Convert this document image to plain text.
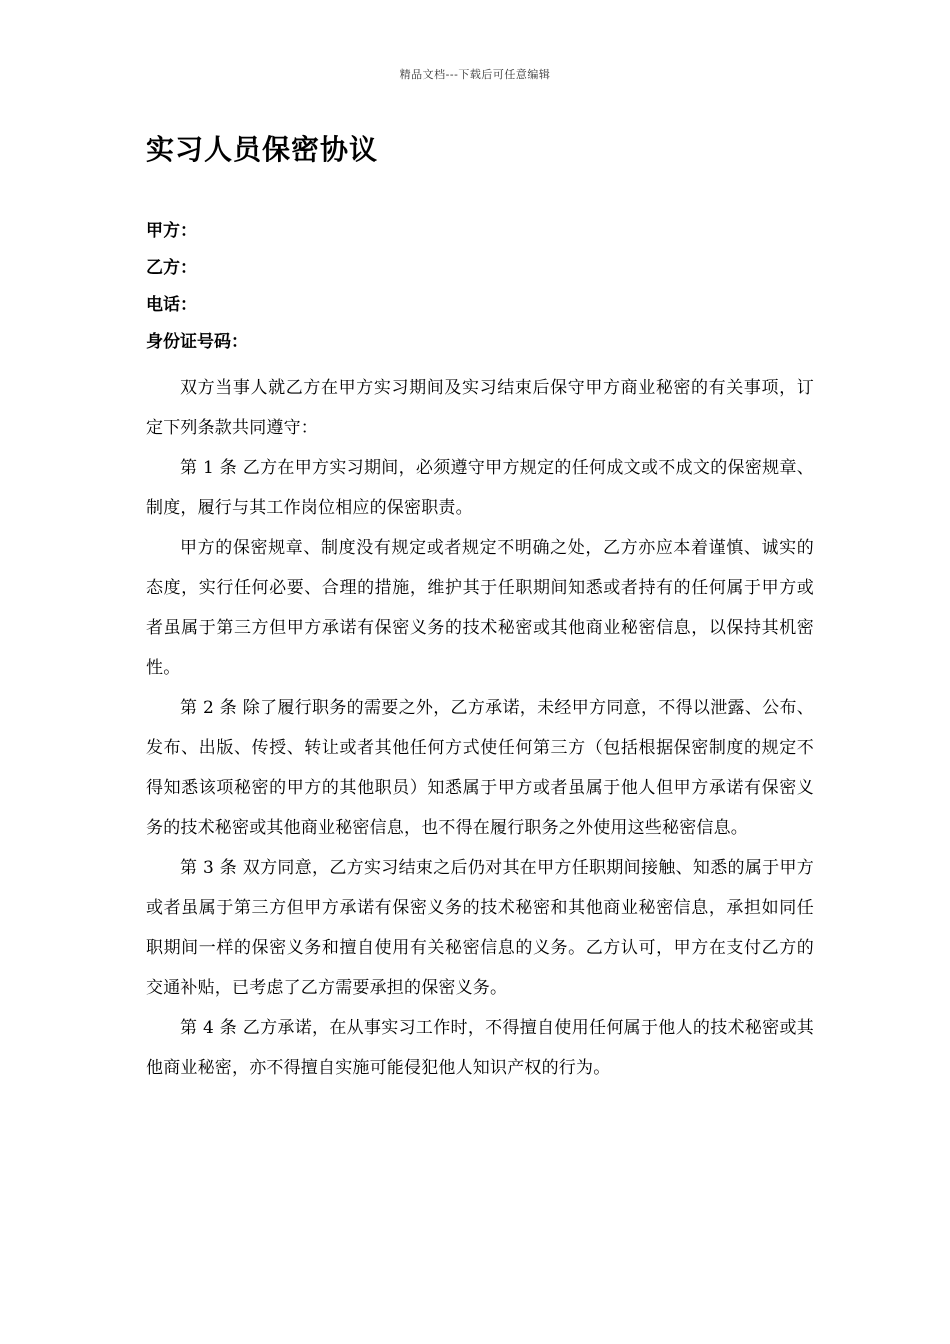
精品文档---下载后可任意编辑
实习人员保密协议

甲方：

乙方：

电话：

身份证号码：

双方当事人就乙方在甲方实习期间及实习结束后保守甲方商业秘密的有关事项，订定下列条款共同遵守：

第 1 条 乙方在甲方实习期间，必须遵守甲方规定的任何成文或不成文的保密规章、制度，履行与其工作岗位相应的保密职责。

甲方的保密规章、制度没有规定或者规定不明确之处，乙方亦应本着谨慎、诚实的态度，实行任何必要、合理的措施，维护其于任职期间知悉或者持有的任何属于甲方或者虽属于第三方但甲方承诺有保密义务的技术秘密或其他商业秘密信息，以保持其机密性。

第 2 条 除了履行职务的需要之外，乙方承诺，未经甲方同意，不得以泄露、公布、发布、出版、传授、转让或者其他任何方式使任何第三方（包括根据保密制度的规定不得知悉该项秘密的甲方的其他职员）知悉属于甲方或者虽属于他人但甲方承诺有保密义务的技术秘密或其他商业秘密信息，也不得在履行职务之外使用这些秘密信息。

第 3 条 双方同意，乙方实习结束之后仍对其在甲方任职期间接触、知悉的属于甲方或者虽属于第三方但甲方承诺有保密义务的技术秘密和其他商业秘密信息，承担如同任职期间一样的保密义务和擅自使用有关秘密信息的义务。乙方认可，甲方在支付乙方的交通补贴，已考虑了乙方需要承担的保密义务。

第 4 条 乙方承诺，在从事实习工作时，不得擅自使用任何属于他人的技术秘密或其他商业秘密，亦不得擅自实施可能侵犯他人知识产权的行为。
